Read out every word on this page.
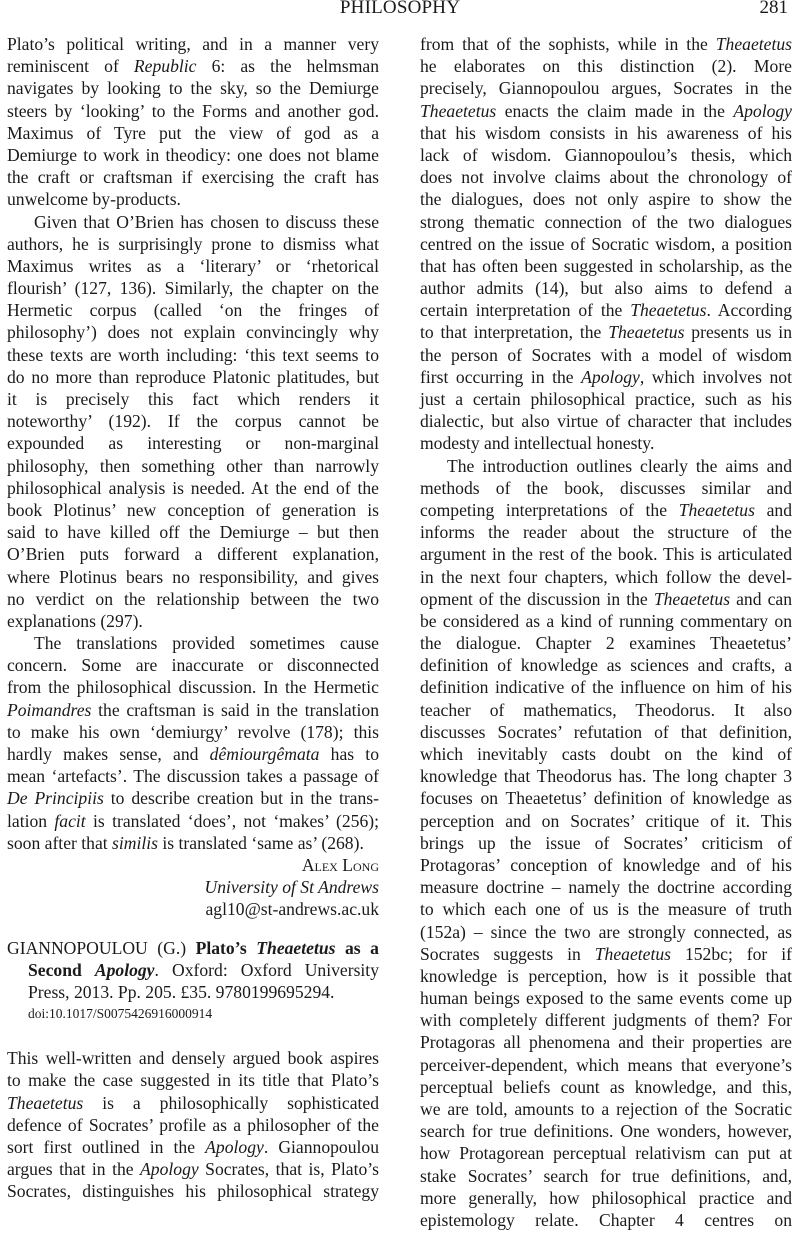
PHILOSOPHY	281
Plato’s political writing, and in a manner very
reminiscent of Republic 6: as the helmsman
navigates by looking to the sky, so the Demiurge
steers by ‘looking’ to the Forms and another god.
Maximus of Tyre put the view of god as a
Demiurge to work in theodicy: one does not blame
the craft or craftsman if exercising the craft has
unwelcome by-products.
Given that O’Brien has chosen to discuss these
authors, he is surprisingly prone to dismiss what
Maximus writes as a ‘literary’ or ‘rhetorical
flourish’ (127, 136). Similarly, the chapter on the
Hermetic corpus (called ‘on the fringes of
philosophy’) does not explain convincingly why
these texts are worth including: ‘this text seems to
do no more than reproduce Platonic platitudes, but
it is precisely this fact which renders it
noteworthy’ (192). If the corpus cannot be
expounded as interesting or non-marginal
philosophy, then something other than narrowly
philosophical analysis is needed. At the end of the
book Plotinus’ new conception of generation is
said to have killed off the Demiurge – but then
O’Brien puts forward a different explanation,
where Plotinus bears no responsibility, and gives
no verdict on the relationship between the two
explanations (297).
The translations provided sometimes cause
concern. Some are inaccurate or disconnected
from the philosophical discussion. In the Hermetic
Poimandres the craftsman is said in the translation
to make his own ‘demiurgy’ revolve (178); this
hardly makes sense, and dêmiourgêmata has to
mean ‘artefacts’. The discussion takes a passage of
De Principiis to describe creation but in the trans-
lation facit is translated ‘does’, not ‘makes’ (256);
soon after that similis is translated ‘same as’ (268).
Alex Long
University of St Andrews
agl10@st-andrews.ac.uk
GIANNOPOULOU (G.) Plato’s Theaetetus as a
Second Apology. Oxford: Oxford University
Press, 2013. Pp. 205. £35. 9780199695294.
doi:10.1017/S0075426916000914
This well-written and densely argued book aspires
to make the case suggested in its title that Plato’s
Theaetetus is a philosophically sophisticated
defence of Socrates’ profile as a philosopher of the
sort first outlined in the Apology. Giannopoulou
argues that in the Apology Socrates, that is, Plato’s
Socrates, distinguishes his philosophical strategy
from that of the sophists, while in the Theaetetus
he elaborates on this distinction (2). More
precisely, Giannopoulou argues, Socrates in the
Theaetetus enacts the claim made in the Apology
that his wisdom consists in his awareness of his
lack of wisdom. Giannopoulou’s thesis, which
does not involve claims about the chronology of
the dialogues, does not only aspire to show the
strong thematic connection of the two dialogues
centred on the issue of Socratic wisdom, a position
that has often been suggested in scholarship, as the
author admits (14), but also aims to defend a
certain interpretation of the Theaetetus. According
to that interpretation, the Theaetetus presents us in
the person of Socrates with a model of wisdom
first occurring in the Apology, which involves not
just a certain philosophical practice, such as his
dialectic, but also virtue of character that includes
modesty and intellectual honesty.
The introduction outlines clearly the aims and
methods of the book, discusses similar and
competing interpretations of the Theaetetus and
informs the reader about the structure of the
argument in the rest of the book. This is articulated
in the next four chapters, which follow the devel-
opment of the discussion in the Theaetetus and can
be considered as a kind of running commentary on
the dialogue. Chapter 2 examines Theaetetus’
definition of knowledge as sciences and crafts, a
definition indicative of the influence on him of his
teacher of mathematics, Theodorus. It also
discusses Socrates’ refutation of that definition,
which inevitably casts doubt on the kind of
knowledge that Theodorus has. The long chapter 3
focuses on Theaetetus’ definition of knowledge as
perception and on Socrates’ critique of it. This
brings up the issue of Socrates’ criticism of
Protagoras’ conception of knowledge and of his
measure doctrine – namely the doctrine according
to which each one of us is the measure of truth
(152a) – since the two are strongly connected, as
Socrates suggests in Theaetetus 152bc; for if
knowledge is perception, how is it possible that
human beings exposed to the same events come up
with completely different judgments of them? For
Protagoras all phenomena and their properties are
perceiver-dependent, which means that everyone’s
perceptual beliefs count as knowledge, and this,
we are told, amounts to a rejection of the Socratic
search for true definitions. One wonders, however,
how Protagorean perceptual relativism can put at
stake Socrates’ search for true definitions, and,
more generally, how philosophical practice and
epistemology relate. Chapter 4 centres on
